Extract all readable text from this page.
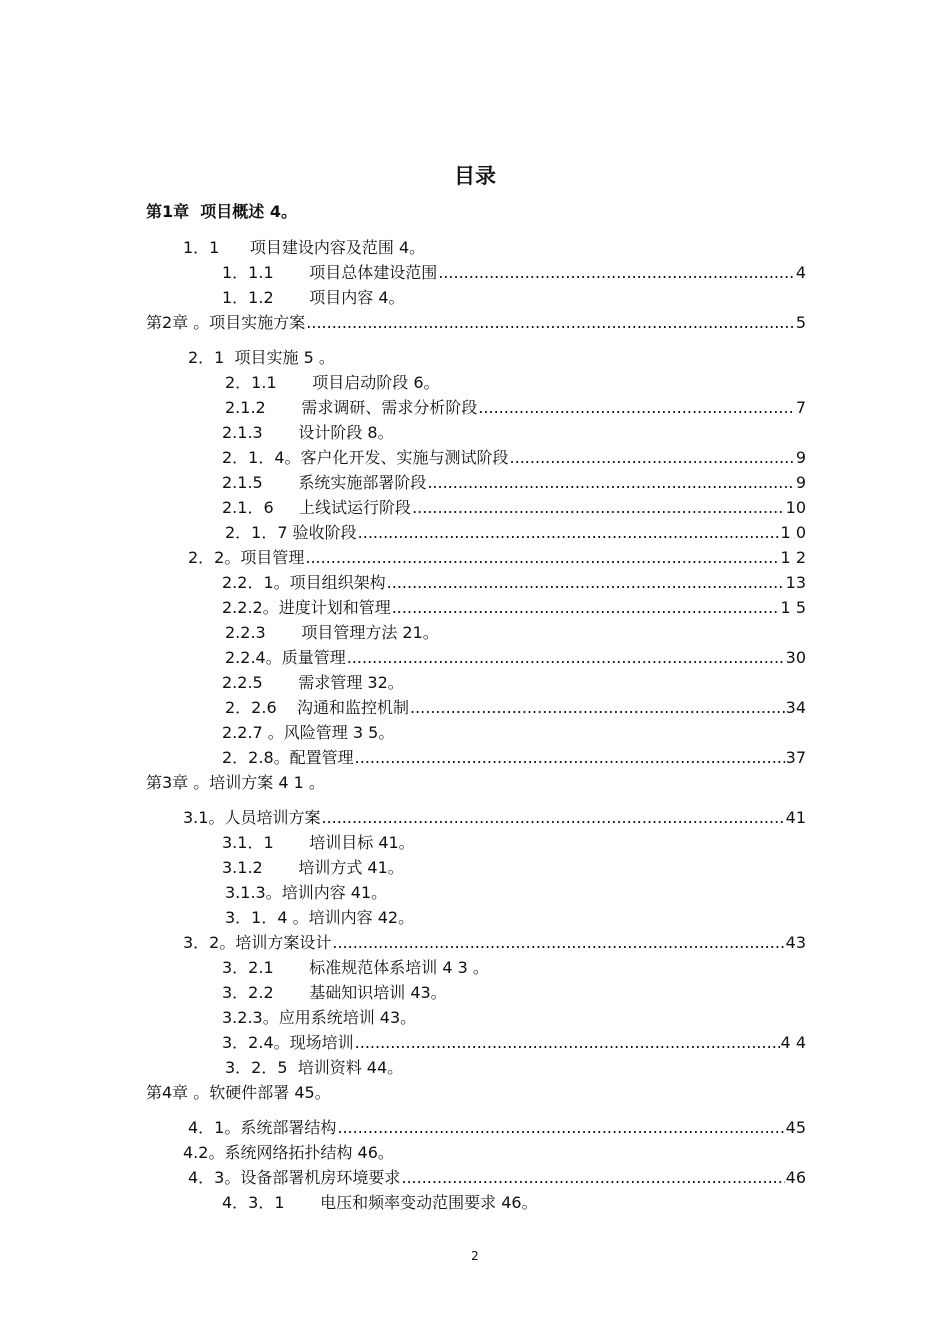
目录
第1章  项目概述 4。
1．1      项目建设内容及范围 4。
1．1.1       项目总体建设范围 .....	4
1．1.2       项目内容 4。
第2章 。项目实施方案 .....	5
2．1  项目实施 5 。
2．1.1       项目启动阶段 6。
2.1.2       需求调研、需求分析阶段 .....	7
2.1.3       设计阶段 8。
2．1．4。客户化开发、实施与测试阶段 .....	9
2.1.5       系统实施部署阶段 .....	9
2.1．6     上线试运行阶段 .....	10
2．1．7 验收阶段 .....	1 0
2．2。项目管理 .....	1 2
2.2．1。项目组织架构 .....	13
2.2.2。进度计划和管理 .....	1 5
2.2.3       项目管理方法 21。
2.2.4。质量管理 .....	30
2.2.5       需求管理 32。
2．2.6    沟通和监控机制 .....	34
2.2.7 。风险管理 3 5。
2．2.8。配置管理 .....	37
第3章 。培训方案 4 1 。
3.1。人员培训方案 .....	41
3.1．1       培训目标 41。
3.1.2       培训方式 41。
3.1.3。培训内容 41。
3．1．4 。培训内容 42。
3．2。培训方案设计 .....	43
3．2.1       标准规范体系培训 4 3 。
3．2.2       基础知识培训 43。
3.2.3。应用系统培训 43。
3．2.4。现场培训 .....	4 4
3．2．5  培训资料 44。
第4章 。软硬件部署 45。
4．1。系统部署结构 .....	45
4.2。系统网络拓扑结构 46。
4．3。设备部署机房环境要求 .....	46
4．3．1       电压和频率变动范围要求 46。
2
